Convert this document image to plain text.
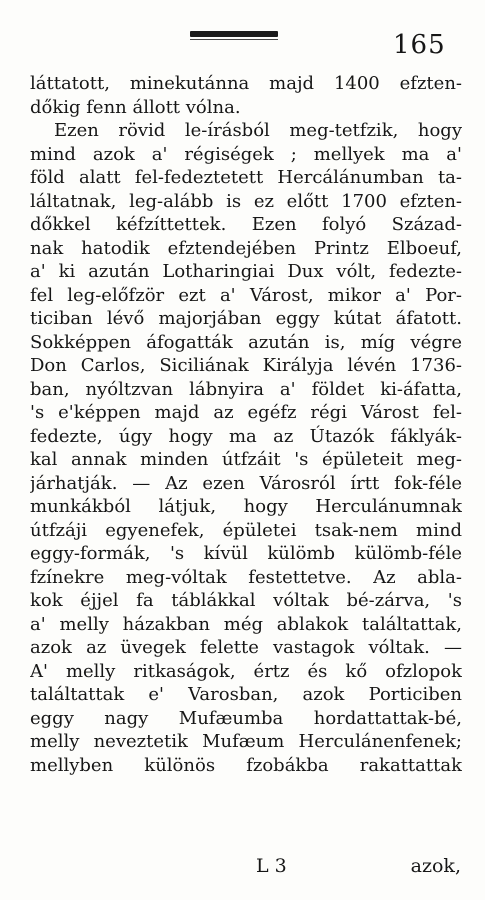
165
láttatott, minekutánna majd 1400 efzten-
dőkig fenn állott vólna.
Ezen rövid le-írásból meg-tetfzik, hogy
mind azok a' régiségek ; mellyek ma a'
föld alatt fel-fedeztetett Hercálánumban ta-
láltatnak, leg-alább is ez előtt 1700 efzten-
dőkkel kéfzíttettek. Ezen folyó Század-
nak hatodik efztendejében Printz Elboeuf,
a' ki azután Lotharingiai Dux vólt, fedezte-
fel leg-előfzör ezt a' Várost, mikor a' Por-
ticiban lévő majorjában eggy kútat áfatott.
Sokképpen áfogatták azután is, míg végre
Don Carlos, Siciliának Királyja lévén 1736-
ban, nyóltzvan lábnyira a' földet ki-áfatta,
's e'képpen majd az egéfz régi Várost fel-
fedezte, úgy hogy ma az Útazók fáklyák-
kal annak minden útfzáit 's épületeit meg-
járhatják. — Az ezen Városról írtt fok-féle
munkákból látjuk, hogy Herculánumnak
útfzáji egyenefek, épületei tsak-nem mind
eggy-formák, 's kívül külömb külömb-féle
fzínekre meg-vóltak festettetve. Az abla-
kok éjjel fa táblákkal vóltak bé-zárva, 's
a' melly házakban még ablakok találtattak,
azok az üvegek felette vastagok vóltak. —
A' melly ritkaságok, értz és kő ofzlopok
találtattak e' Varosban, azok Porticiben
eggy nagy Mufæumba hordattattak-bé,
melly neveztetik Mufæum Herculánenfenek;
mellyben különös fzobákba rakattattak
L 3	azok,
